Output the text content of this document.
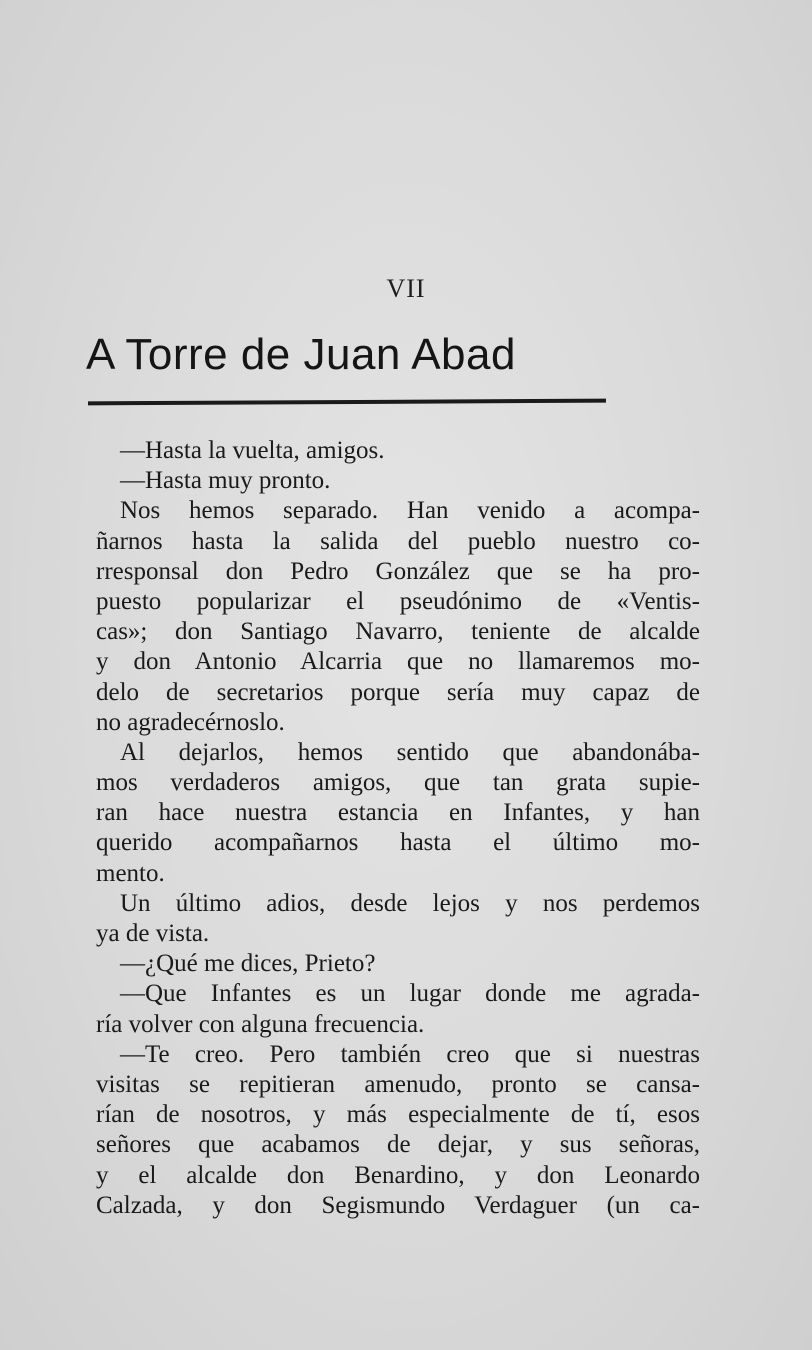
VII
A Torre de Juan Abad
—Hasta la vuelta, amigos.
—Hasta muy pronto.
Nos hemos separado. Han venido a acompa-
ñarnos hasta la salida del pueblo nuestro co-
rresponsal don Pedro González que se ha pro-
puesto popularizar el pseudónimo de «Ventis-
cas»; don Santiago Navarro, teniente de alcalde
y don Antonio Alcarria que no llamaremos mo-
delo de secretarios porque sería muy capaz de
no agradecérnoslo.
Al dejarlos, hemos sentido que abandonába-
mos verdaderos amigos, que tan grata supie-
ran hace nuestra estancia en Infantes, y han
querido acompañarnos hasta el último mo-
mento.
Un último adios, desde lejos y nos perdemos
ya de vista.
—¿Qué me dices, Prieto?
—Que Infantes es un lugar donde me agrada-
ría volver con alguna frecuencia.
—Te creo. Pero también creo que si nuestras
visitas se repitieran amenudo, pronto se cansa-
rían de nosotros, y más especialmente de tí, esos
señores que acabamos de dejar, y sus señoras,
y el alcalde don Benardino, y don Leonardo
Calzada, y don Segismundo Verdaguer (un ca-
